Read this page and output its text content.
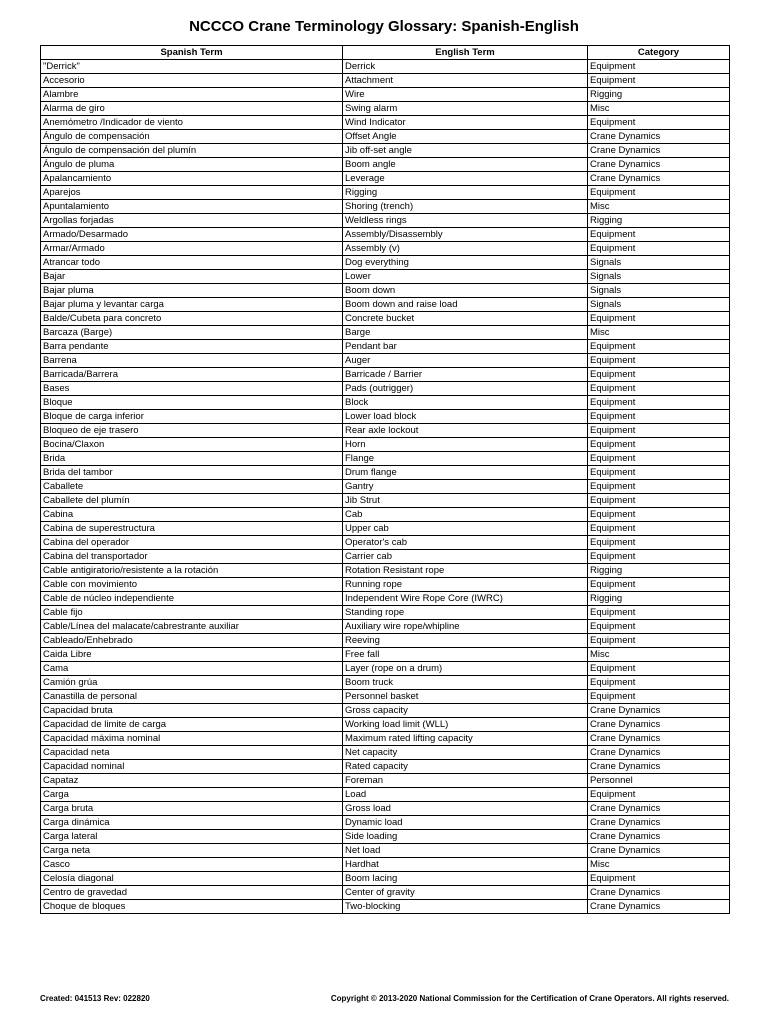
NCCCO Crane Terminology Glossary: Spanish-English
Spanish Term	English Term	Category
"Derrick"	Derrick	Equipment
Accesorio	Attachment	Equipment
Alambre	Wire	Rigging
Alarma de giro	Swing alarm	Misc
Anemómetro /Indicador de viento	Wind Indicator	Equipment
Ángulo de compensación	Offset Angle	Crane Dynamics
Ángulo de compensación del plumín	Jib off-set angle	Crane Dynamics
Ángulo de pluma	Boom angle	Crane Dynamics
Apalancamiento	Leverage	Crane Dynamics
Aparejos	Rigging	Equipment
Apuntalamiento	Shoring (trench)	Misc
Argollas forjadas	Weldless rings	Rigging
Armado/Desarmado	Assembly/Disassembly	Equipment
Armar/Armado	Assembly (v)	Equipment
Atrancar todo	Dog everything	Signals
Bajar	Lower	Signals
Bajar pluma	Boom down	Signals
Bajar pluma y levantar carga	Boom down and raise load	Signals
Balde/Cubeta para concreto	Concrete bucket	Equipment
Barcaza (Barge)	Barge	Misc
Barra pendante	Pendant bar	Equipment
Barrena	Auger	Equipment
Barricada/Barrera	Barricade / Barrier	Equipment
Bases	Pads (outrigger)	Equipment
Bloque	Block	Equipment
Bloque de carga inferior	Lower load block	Equipment
Bloqueo de eje trasero	Rear axle lockout	Equipment
Bocina/Claxon	Horn	Equipment
Brida	Flange	Equipment
Brida del tambor	Drum flange	Equipment
Caballete	Gantry	Equipment
Caballete del plumín	Jib Strut	Equipment
Cabina	Cab	Equipment
Cabina de superestructura	Upper cab	Equipment
Cabina del operador	Operator's cab	Equipment
Cabina del transportador	Carrier cab	Equipment
Cable antigiratorio/resistente a la rotación	Rotation Resistant rope	Rigging
Cable con movimiento	Running rope	Equipment
Cable de núcleo independiente	Independent Wire Rope Core (IWRC)	Rigging
Cable fijo	Standing rope	Equipment
Cable/Línea del malacate/cabrestrante auxiliar	Auxiliary wire rope/whipline	Equipment
Cableado/Enhebrado	Reeving	Equipment
Caida Libre	Free fall	Misc
Cama	Layer (rope on a drum)	Equipment
Camión grúa	Boom truck	Equipment
Canastilla de personal	Personnel basket	Equipment
Capacidad bruta	Gross capacity	Crane Dynamics
Capacidad de limite de carga	Working load limit (WLL)	Crane Dynamics
Capacidad máxima nominal	Maximum rated lifting capacity	Crane Dynamics
Capacidad neta	Net capacity	Crane Dynamics
Capacidad nominal	Rated capacity	Crane Dynamics
Capataz	Foreman	Personnel
Carga	Load	Equipment
Carga bruta	Gross load	Crane Dynamics
Carga dinámica	Dynamic load	Crane Dynamics
Carga lateral	Side loading	Crane Dynamics
Carga neta	Net load	Crane Dynamics
Casco	Hardhat	Misc
Celosía diagonal	Boom lacing	Equipment
Centro de gravedad	Center of gravity	Crane Dynamics
Choque de bloques	Two-blocking	Crane Dynamics
Created: 041513 Rev: 022820	Copyright © 2013-2020 National Commission for the Certification of Crane Operators. All rights reserved.
